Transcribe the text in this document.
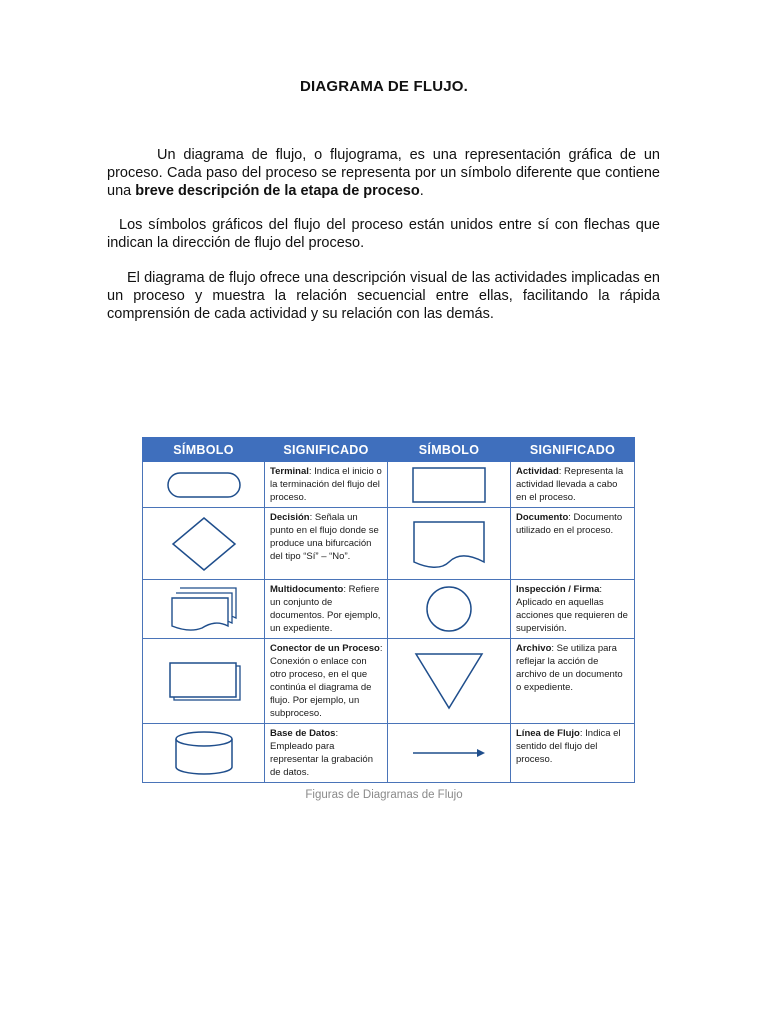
DIAGRAMA DE FLUJO.

Un diagrama de flujo, o flujograma, es una representación gráfica de un proceso. Cada paso del proceso se representa por un símbolo diferente que contiene una breve descripción de la etapa de proceso.

Los símbolos gráficos del flujo del proceso están unidos entre sí con flechas que indican la dirección de flujo del proceso.

El diagrama de flujo ofrece una descripción visual de las actividades implicadas en un proceso y muestra la relación secuencial entre ellas, facilitando la rápida comprensión de cada actividad y su relación con las demás.

SÍMBOLO	SIGNIFICADO	SÍMBOLO	SIGNIFICADO

	Terminal: Indica el inicio o la terminación del flujo del proceso.		Actividad: Representa la actividad llevada a cabo en el proceso.

	Decisión: Señala un punto en el flujo donde se produce una bifurcación del tipo “Sí” – “No”.		Documento: Documento utilizado en el proceso.

	Multidocumento: Refiere un conjunto de documentos. Por ejemplo, un expediente.		Inspección / Firma: Aplicado en aquellas acciones que requieren de supervisión.

	Conector de un Proceso: Conexión o enlace con otro proceso, en el que continúa el diagrama de flujo. Por ejemplo, un subproceso.		Archivo: Se utiliza para reflejar la acción de archivo de un documento o expediente.

	Base de Datos: Empleado para representar la grabación de datos.		Línea de Flujo: Indica el sentido del flujo del proceso.
Figuras de Diagramas de Flujo
